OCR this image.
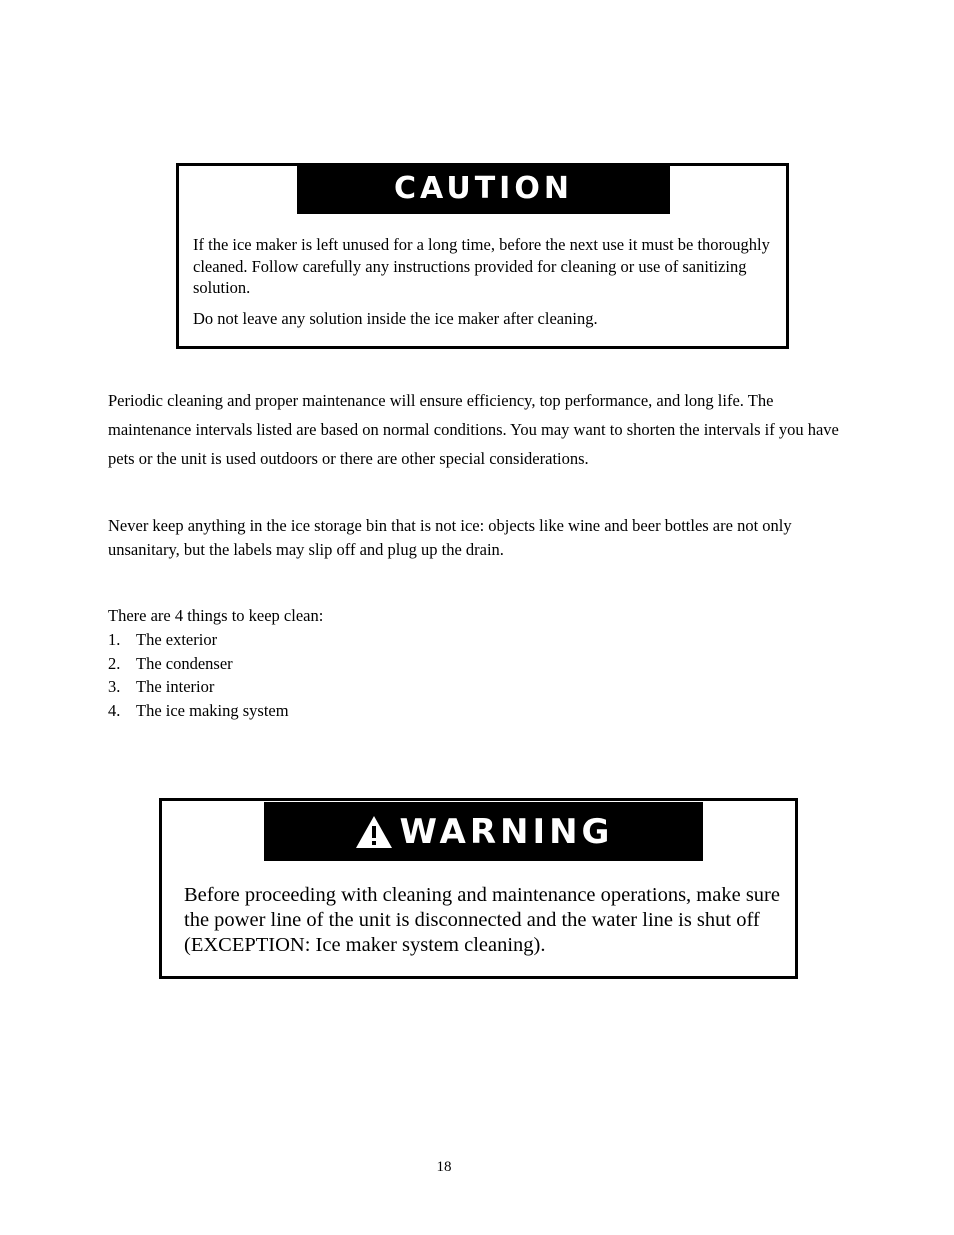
CAUTION

If the ice maker is left unused for a long time, before the next use it must be thoroughly cleaned. Follow carefully any instructions provided for cleaning or use of sanitizing solution.

Do not leave any solution inside the ice maker after cleaning.

Periodic cleaning and proper maintenance will ensure efficiency, top performance, and long life. The maintenance intervals listed are based on normal conditions. You may want to shorten the intervals if you have pets or the unit is used outdoors or there are other special considerations.

Never keep anything in the ice storage bin that is not ice: objects like wine and beer bottles are not only unsanitary, but the labels may slip off and plug up the drain.

There are 4 things to keep clean:

1. The exterior
2. The condenser
3. The interior
4. The ice making system
WARNING
Before proceeding with cleaning and maintenance operations, make sure the power line of the unit is disconnected and the water line is shut off    (EXCEPTION: Ice maker system cleaning).
18
